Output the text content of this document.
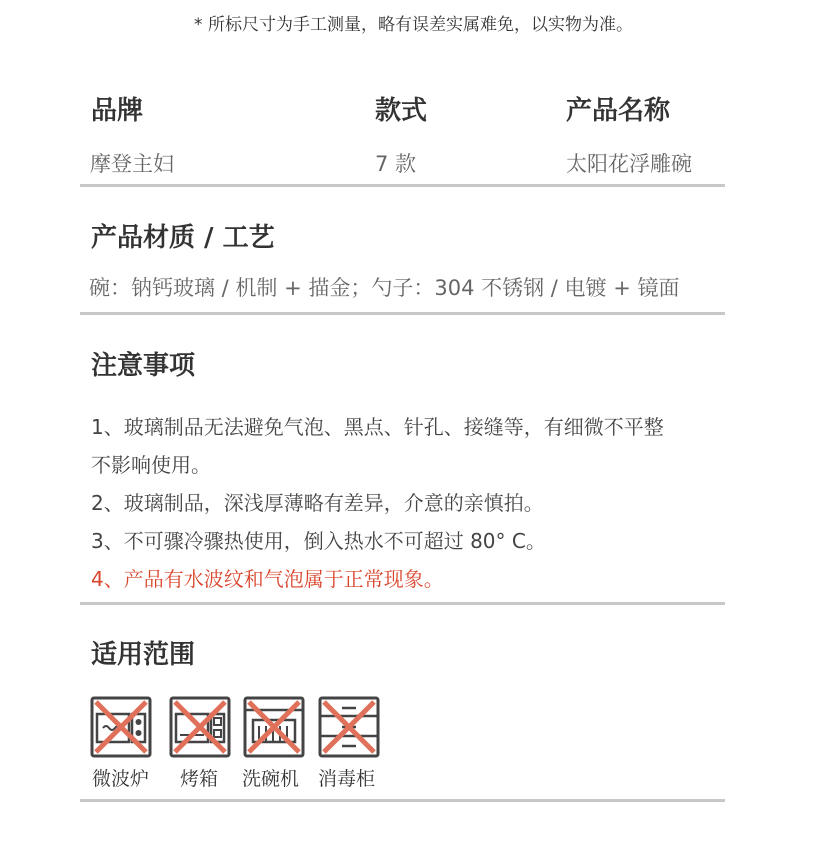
* 所标尺寸为手工测量，略有误差实属难免，以实物为准。
品牌	款式	产品名称
摩登主妇	7 款	太阳花浮雕碗
产品材质 / 工艺
碗：钠钙玻璃 / 机制 + 描金；勺子：304 不锈钢 / 电镀 + 镜面
注意事项
1、玻璃制品无法避免气泡、黑点、针孔、接缝等，有细微不平整
不影响使用。
2、玻璃制品，深浅厚薄略有差异，介意的亲慎拍。
3、不可骤冷骤热使用，倒入热水不可超过 80° C。
4、产品有水波纹和气泡属于正常现象。
适用范围
微波炉 烤箱 洗碗机 消毒柜
